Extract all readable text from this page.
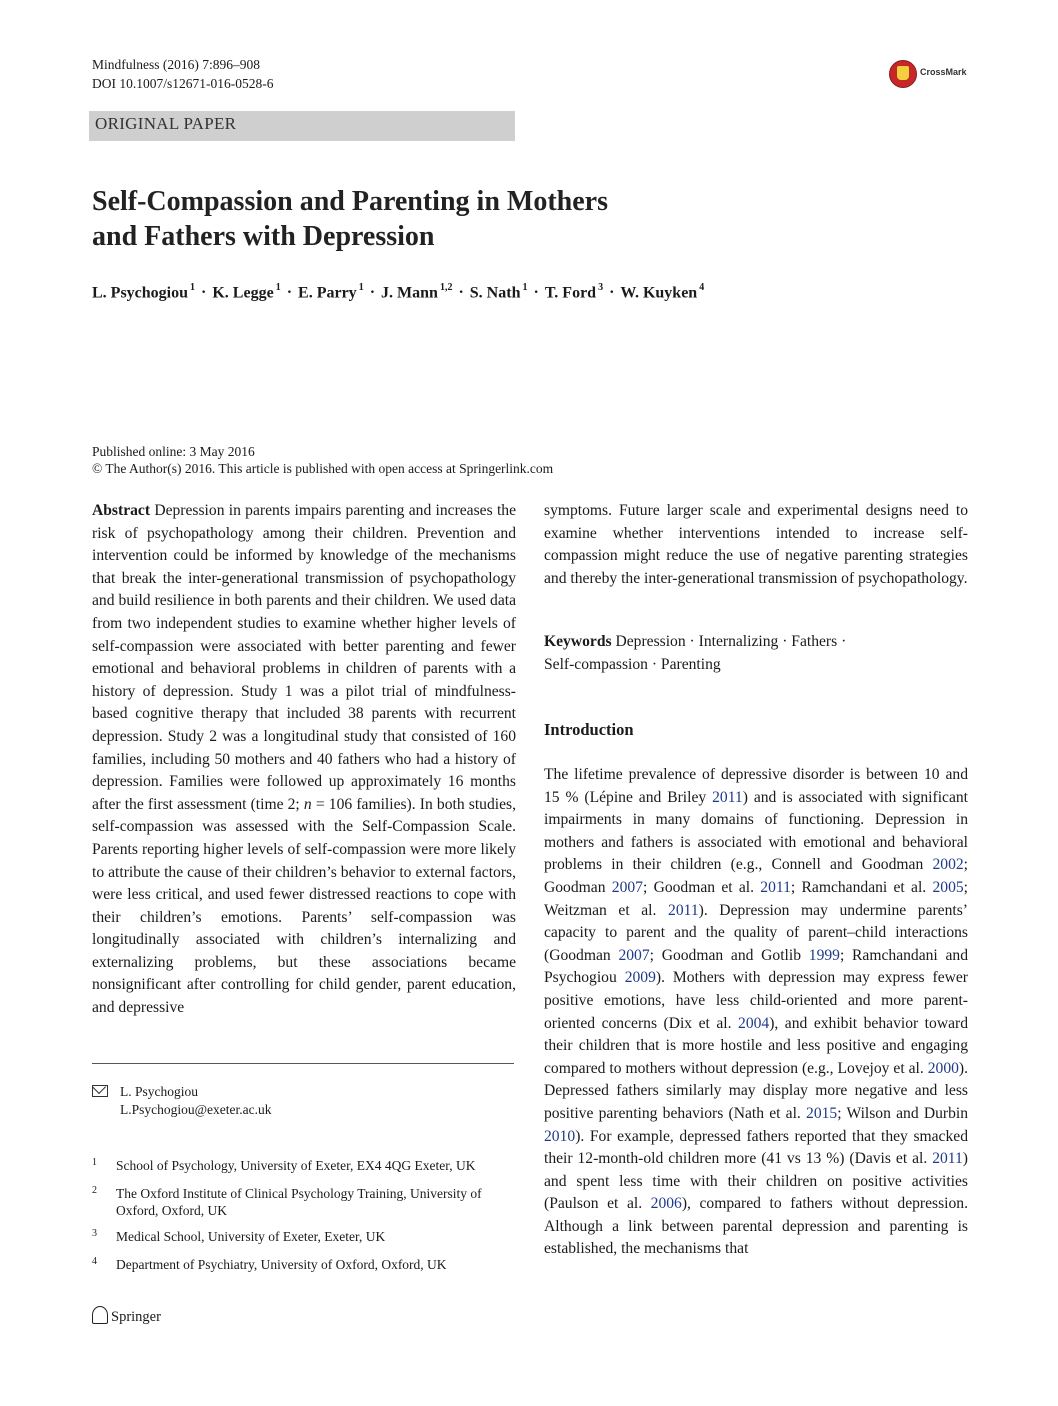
Mindfulness (2016) 7:896–908
DOI 10.1007/s12671-016-0528-6
CrossMark
ORIGINAL PAPER
Self-Compassion and Parenting in Mothers
and Fathers with Depression
L. Psychogiou $^1$ · K. Legge $^1$ · E. Parry $^1$ · J. Mann $^{1,2}$ · S. Nath $^1$ · T. Ford $^3$ · W. Kuyken $^4$
Published online: 3 May 2016
© The Author(s) 2016. This article is published with open access at Springerlink.com

Abstract Depression in parents impairs parenting and increases the risk of psychopathology among their children. Prevention and intervention could be informed by knowledge of the mechanisms that break the inter-generational transmission of psychopathology and build resilience in both parents and their children. We used data from two independent studies to examine whether higher levels of self-compassion were associated with better parenting and fewer emotional and behavioral problems in children of parents with a history of depression. Study 1 was a pilot trial of mindfulness-based cognitive therapy that included 38 parents with recurrent depression. Study 2 was a longitudinal study that consisted of 160 families, including 50 mothers and 40 fathers who had a history of depression. Families were followed up approximately 16 months after the first assessment (time 2; n = 106 families). In both studies, self-compassion was assessed with the Self-Compassion Scale. Parents reporting higher levels of self-compassion were more likely to attribute the cause of their children’s behavior to external factors, were less critical, and used fewer distressed reactions to cope with their children’s emotions. Parents’ self-compassion was longitudinally associated with children’s internalizing and externalizing problems, but these associations became nonsignificant after controlling for child gender, parent education, and depressive

symptoms. Future larger scale and experimental designs need to examine whether interventions intended to increase self-compassion might reduce the use of negative parenting strategies and thereby the inter-generational transmission of psychopathology.

Keywords Depression · Internalizing · Fathers ·
Self-compassion · Parenting
Introduction

The lifetime prevalence of depressive disorder is between 10 and 15 % (Lépine and Briley 2011) and is associated with significant impairments in many domains of functioning. Depression in mothers and fathers is associated with emotional and behavioral problems in their children (e.g., Connell and Goodman 2002; Goodman 2007; Goodman et al. 2011; Ramchandani et al. 2005; Weitzman et al. 2011). Depression may undermine parents’ capacity to parent and the quality of parent–child interactions (Goodman 2007; Goodman and Gotlib 1999; Ramchandani and Psychogiou 2009). Mothers with depression may express fewer positive emotions, have less child-oriented and more parent-oriented concerns (Dix et al. 2004), and exhibit behavior toward their children that is more hostile and less positive and engaging compared to mothers without depression (e.g., Lovejoy et al. 2000). Depressed fathers similarly may display more negative and less positive parenting behaviors (Nath et al. 2015; Wilson and Durbin 2010). For example, depressed fathers reported that they smacked their 12-month-old children more (41 vs 13 %) (Davis et al. 2011) and spent less time with their children on positive activities (Paulson et al. 2006), compared to fathers without depression. Although a link between parental depression and parenting is established, the mechanisms that

L. Psychogiou
L.Psychogiou@exeter.ac.uk
1 School of Psychology, University of Exeter, EX4 4QG Exeter, UK
2 The Oxford Institute of Clinical Psychology Training, University of Oxford, Oxford, UK
3 Medical School, University of Exeter, Exeter, UK
4 Department of Psychiatry, University of Oxford, Oxford, UK
Springer
